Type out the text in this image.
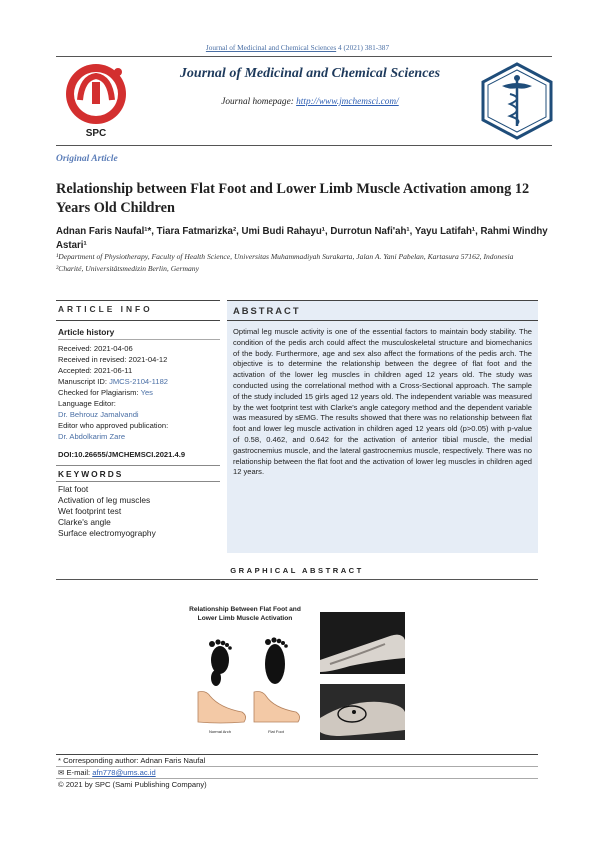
Journal of Medicinal and Chemical Sciences 4 (2021) 381-387
SPC
Journal of Medicinal and Chemical Sciences
Journal homepage: http://www.jmchemsci.com/
Original Article
Relationship between Flat Foot and Lower Limb Muscle Activation among 12 Years Old Children
Adnan Faris Naufal¹*, Tiara Fatmarizka², Umi Budi Rahayu¹, Durrotun Nafi'ah¹, Yayu Latifah¹, Rahmi Windhy Astari¹
¹Department of Physiotherapy, Faculty of Health Science, Universitas Muhammadiyah Surakarta, Jalan A. Yani Pabelan, Kartasura 57162, Indonesia
²Charité, Universitätsmedizin Berlin, Germany
ARTICLE INFO
Article history
Received: 2021-04-06
Received in revised: 2021-04-12
Accepted: 2021-06-11
Manuscript ID: JMCS-2104-1182
Checked for Plagiarism: Yes
Language Editor:
Dr. Behrouz Jamalvandi
Editor who approved publication:
Dr. Abdolkarim Zare
DOI:10.26655/JMCHEMSCI.2021.4.9
KEYWORDS
Flat foot
Activation of leg muscles
Wet footprint test
Clarke's angle
Surface electromyography
ABSTRACT
Optimal leg muscle activity is one of the essential factors to maintain body stability. The condition of the pedis arch could affect the musculoskeletal structure and biomechanics of the body. Furthermore, age and sex also affect the formations of the pedis arch. The objective is to determine the relationship between the degree of flat foot and the activation of the lower leg muscles in children aged 12 years old. The study was conducted using the correlational method with a Cross-Sectional approach. The sample of the study included 15 girls aged 12 years old. The independent variable was measured by the wet footprint test with Clarke's angle category method and the dependent variable was measured by sEMG. The results showed that there was no relationship between flat foot and lower leg muscle activation in children aged 12 years old (p>0.05) with p-value of 0.58, 0.462, and 0.642 for the activation of anterior tibial muscle, the medial gastrocnemius muscle, and the lateral gastrocnemius muscle, respectively. There was no relationship between the flat foot and the activation of lower leg muscles in children aged 12 years.
GRAPHICAL ABSTRACT
Relationship Between Flat Foot and
Lower Limb Muscle Activation
Normal Arch	Flat Foot
* Corresponding author: Adnan Faris Naufal
✉ E-mail: afn778@ums.ac.id
© 2021 by SPC (Sami Publishing Company)
